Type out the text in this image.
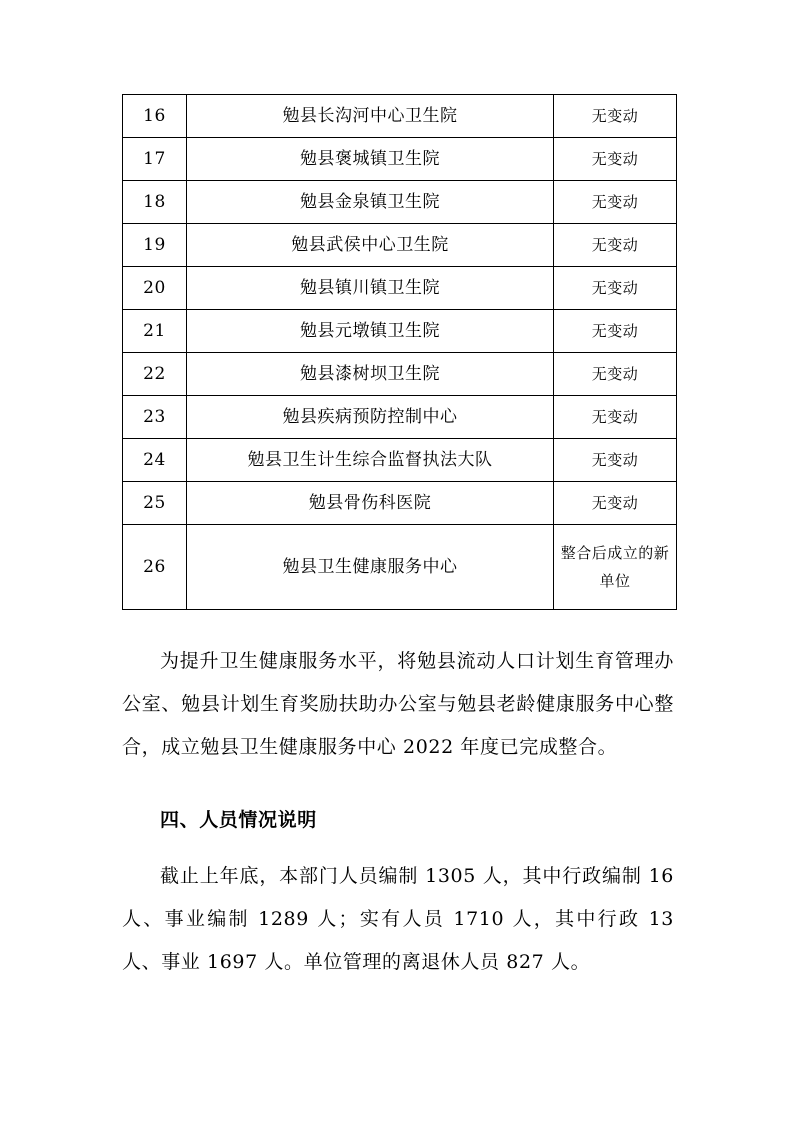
16	勉县长沟河中心卫生院	无变动
17	勉县褒城镇卫生院	无变动
18	勉县金泉镇卫生院	无变动
19	勉县武侯中心卫生院	无变动
20	勉县镇川镇卫生院	无变动
21	勉县元墩镇卫生院	无变动
22	勉县漆树坝卫生院	无变动
23	勉县疾病预防控制中心	无变动
24	勉县卫生计生综合监督执法大队	无变动
25	勉县骨伤科医院	无变动
26	勉县卫生健康服务中心	整合后成立的新单位
为提升卫生健康服务水平，将勉县流动人口计划生育管理办公室、勉县计划生育奖励扶助办公室与勉县老龄健康服务中心整合，成立勉县卫生健康服务中心 2022 年度已完成整合。
四、人员情况说明
截止上年底，本部门人员编制 1305 人，其中行政编制 16 人、事业编制 1289 人；实有人员 1710 人，其中行政 13 人、事业 1697 人。单位管理的离退休人员 827 人。
